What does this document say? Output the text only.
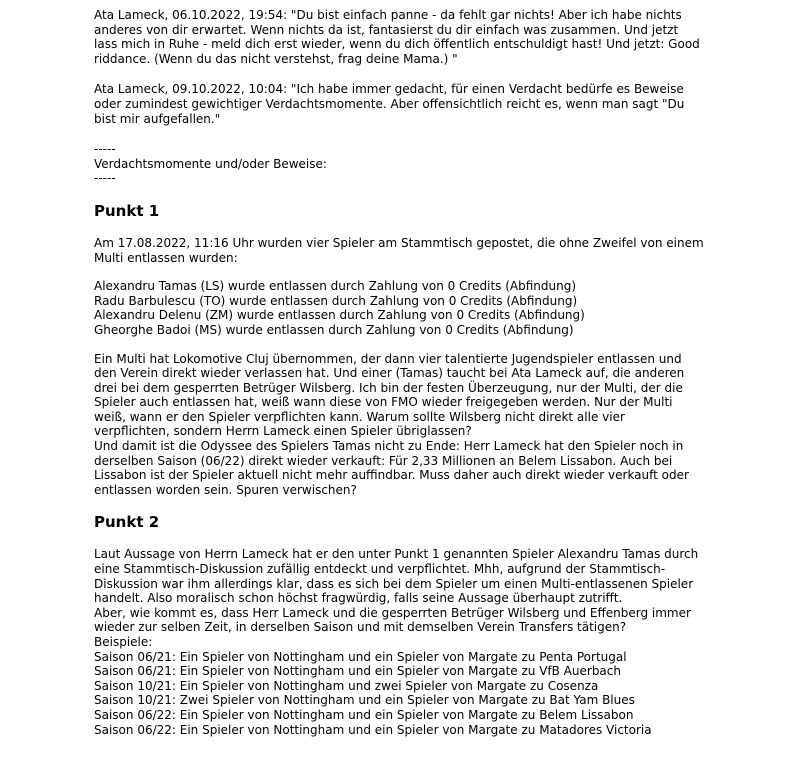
Ata Lameck, 06.10.2022, 19:54: "Du bist einfach panne - da fehlt gar nichts! Aber ich habe nichts anderes von dir erwartet. Wenn nichts da ist, fantasierst du dir einfach was zusammen. Und jetzt lass mich in Ruhe - meld dich erst wieder, wenn du dich öffentlich entschuldigt hast! Und jetzt: Good riddance. (Wenn du das nicht verstehst, frag deine Mama.) "

Ata Lameck, 09.10.2022, 10:04: "Ich habe immer gedacht, für einen Verdacht bedürfe es Beweise oder zumindest gewichtiger Verdachtsmomente. Aber offensichtlich reicht es, wenn man sagt "Du bist mir aufgefallen."

-----
Verdachtsmomente und/oder Beweise:
-----
Punkt 1

Am 17.08.2022, 11:16 Uhr wurden vier Spieler am Stammtisch gepostet, die ohne Zweifel von einem Multi entlassen wurden:

Alexandru Tamas (LS) wurde entlassen durch Zahlung von 0 Credits (Abfindung)
Radu Barbulescu (TO) wurde entlassen durch Zahlung von 0 Credits (Abfindung)
Alexandru Delenu (ZM) wurde entlassen durch Zahlung von 0 Credits (Abfindung)
Gheorghe Badoi (MS) wurde entlassen durch Zahlung von 0 Credits (Abfindung)

Ein Multi hat Lokomotive Cluj übernommen, der dann vier talentierte Jugendspieler entlassen und den Verein direkt wieder verlassen hat. Und einer (Tamas) taucht bei Ata Lameck auf, die anderen drei bei dem gesperrten Betrüger Wilsberg. Ich bin der festen Überzeugung, nur der Multi, der die Spieler auch entlassen hat, weiß wann diese von FMO wieder freigegeben werden. Nur der Multi weiß, wann er den Spieler verpflichten kann. Warum sollte Wilsberg nicht direkt alle vier verpflichten, sondern Herrn Lameck einen Spieler übriglassen?

Und damit ist die Odyssee des Spielers Tamas nicht zu Ende: Herr Lameck hat den Spieler noch in derselben Saison (06/22) direkt wieder verkauft: Für 2,33 Millionen an Belem Lissabon. Auch bei Lissabon ist der Spieler aktuell nicht mehr auffindbar. Muss daher auch direkt wieder verkauft oder entlassen worden sein. Spuren verwischen?

Punkt 2

Laut Aussage von Herrn Lameck hat er den unter Punkt 1 genannten Spieler Alexandru Tamas durch eine Stammtisch-Diskussion zufällig entdeckt und verpflichtet. Mhh, aufgrund der Stammtisch-Diskussion war ihm allerdings klar, dass es sich bei dem Spieler um einen Multi-entlassenen Spieler handelt. Also moralisch schon höchst fragwürdig, falls seine Aussage überhaupt zutrifft.

Aber, wie kommt es, dass Herr Lameck und die gesperrten Betrüger Wilsberg und Effenberg immer wieder zur selben Zeit, in derselben Saison und mit demselben Verein Transfers tätigen?

Beispiele:
Saison 06/21: Ein Spieler von Nottingham und ein Spieler von Margate zu Penta Portugal
Saison 06/21: Ein Spieler von Nottingham und ein Spieler von Margate zu VfB Auerbach
Saison 10/21: Ein Spieler von Nottingham und zwei Spieler von Margate zu Cosenza
Saison 10/21: Zwei Spieler von Nottingham und ein Spieler von Margate zu Bat Yam Blues
Saison 06/22: Ein Spieler von Nottingham und ein Spieler von Margate zu Belem Lissabon
Saison 06/22: Ein Spieler von Nottingham und ein Spieler von Margate zu Matadores Victoria
